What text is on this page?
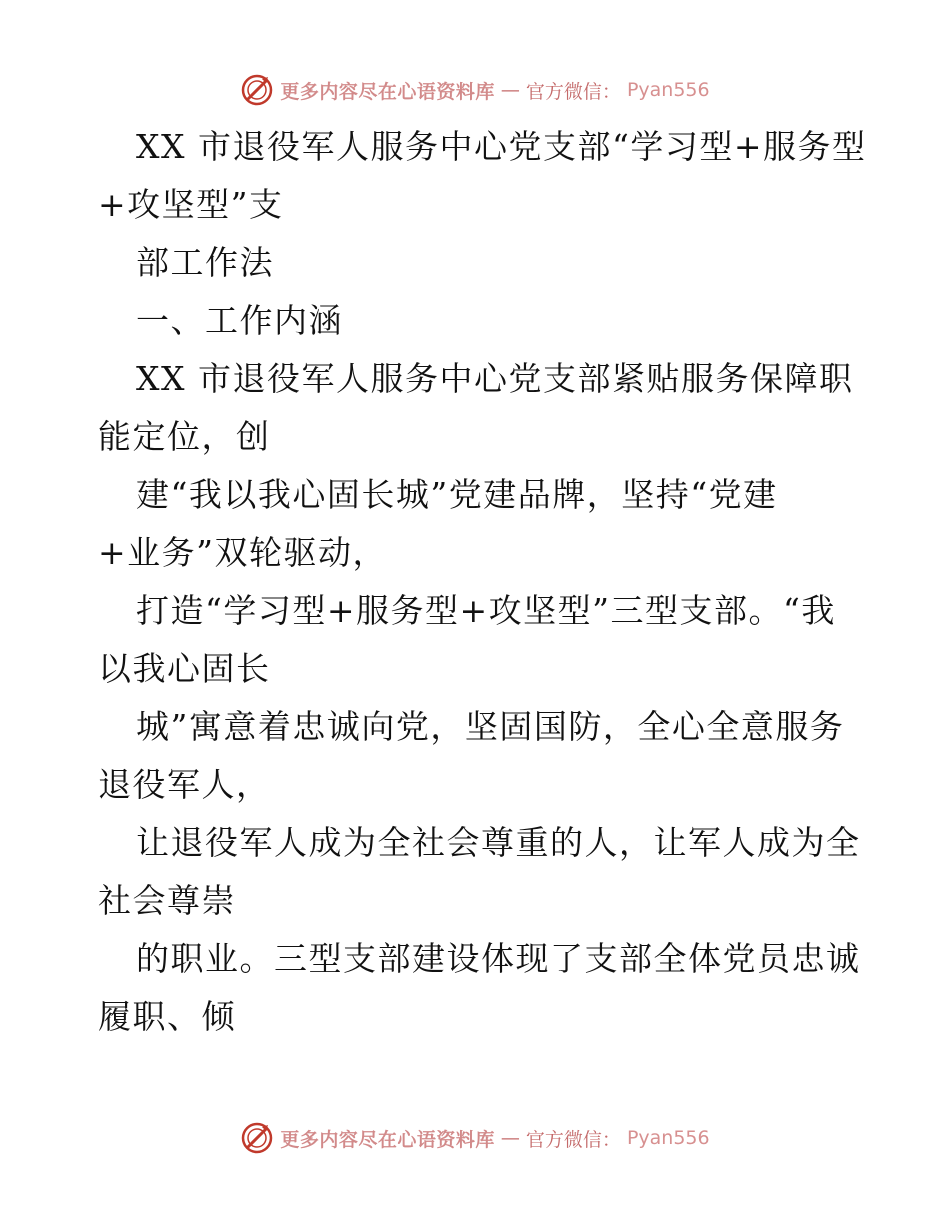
更多内容尽在心语资料库 — 官方微信： Pyan556
XX 市退役军人服务中心党支部“学习型+服务型
+攻坚型”支
部工作法
一、工作内涵
XX 市退役军人服务中心党支部紧贴服务保障职
能定位，创
建“我以我心固长城”党建品牌，坚持“党建
+业务”双轮驱动，
打造“学习型+服务型+攻坚型”三型支部。“我
以我心固长
城”寓意着忠诚向党，坚固国防，全心全意服务
退役军人，
让退役军人成为全社会尊重的人，让军人成为全
社会尊崇
的职业。三型支部建设体现了支部全体党员忠诚
履职、倾
更多内容尽在心语资料库 — 官方微信： Pyan556
